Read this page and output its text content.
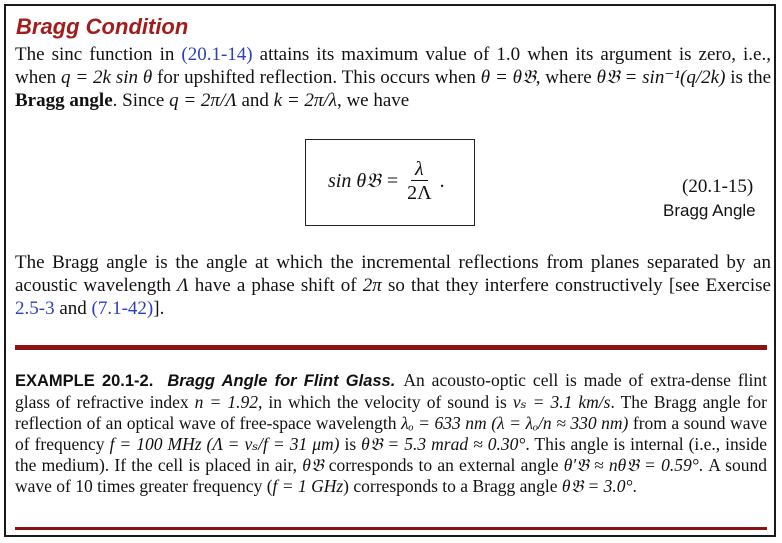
Bragg Condition
The sinc function in (20.1-14) attains its maximum value of 1.0 when its argument is zero, i.e., when q = 2k sin θ for upshifted reflection. This occurs when θ = θ𝔅, where θ𝔅 = sin⁻¹(q/2k) is the Bragg angle. Since q = 2π/Λ and k = 2π/λ, we have
sin θ𝔅 = $\frac{\lambda}{2\Lambda}$ .	(20.1-15)
Bragg Angle
The Bragg angle is the angle at which the incremental reflections from planes separated by an acoustic wavelength Λ have a phase shift of 2π so that they interfere constructively [see Exercise 2.5-3 and (7.1-42)].
EXAMPLE 20.1-2. Bragg Angle for Flint Glass. An acousto-optic cell is made of extra-dense flint glass of refractive index n = 1.92, in which the velocity of sound is vₛ = 3.1 km/s. The Bragg angle for reflection of an optical wave of free-space wavelength λₒ = 633 nm (λ = λₒ/n ≈ 330 nm) from a sound wave of frequency f = 100 MHz (Λ = vₛ/f = 31 μm) is θ𝔅 = 5.3 mrad ≈ 0.30°. This angle is internal (i.e., inside the medium). If the cell is placed in air, θ𝔅 corresponds to an external angle θ′𝔅 ≈ nθ𝔅 = 0.59°. A sound wave of 10 times greater frequency (f = 1 GHz) corresponds to a Bragg angle θ𝔅 = 3.0°.
